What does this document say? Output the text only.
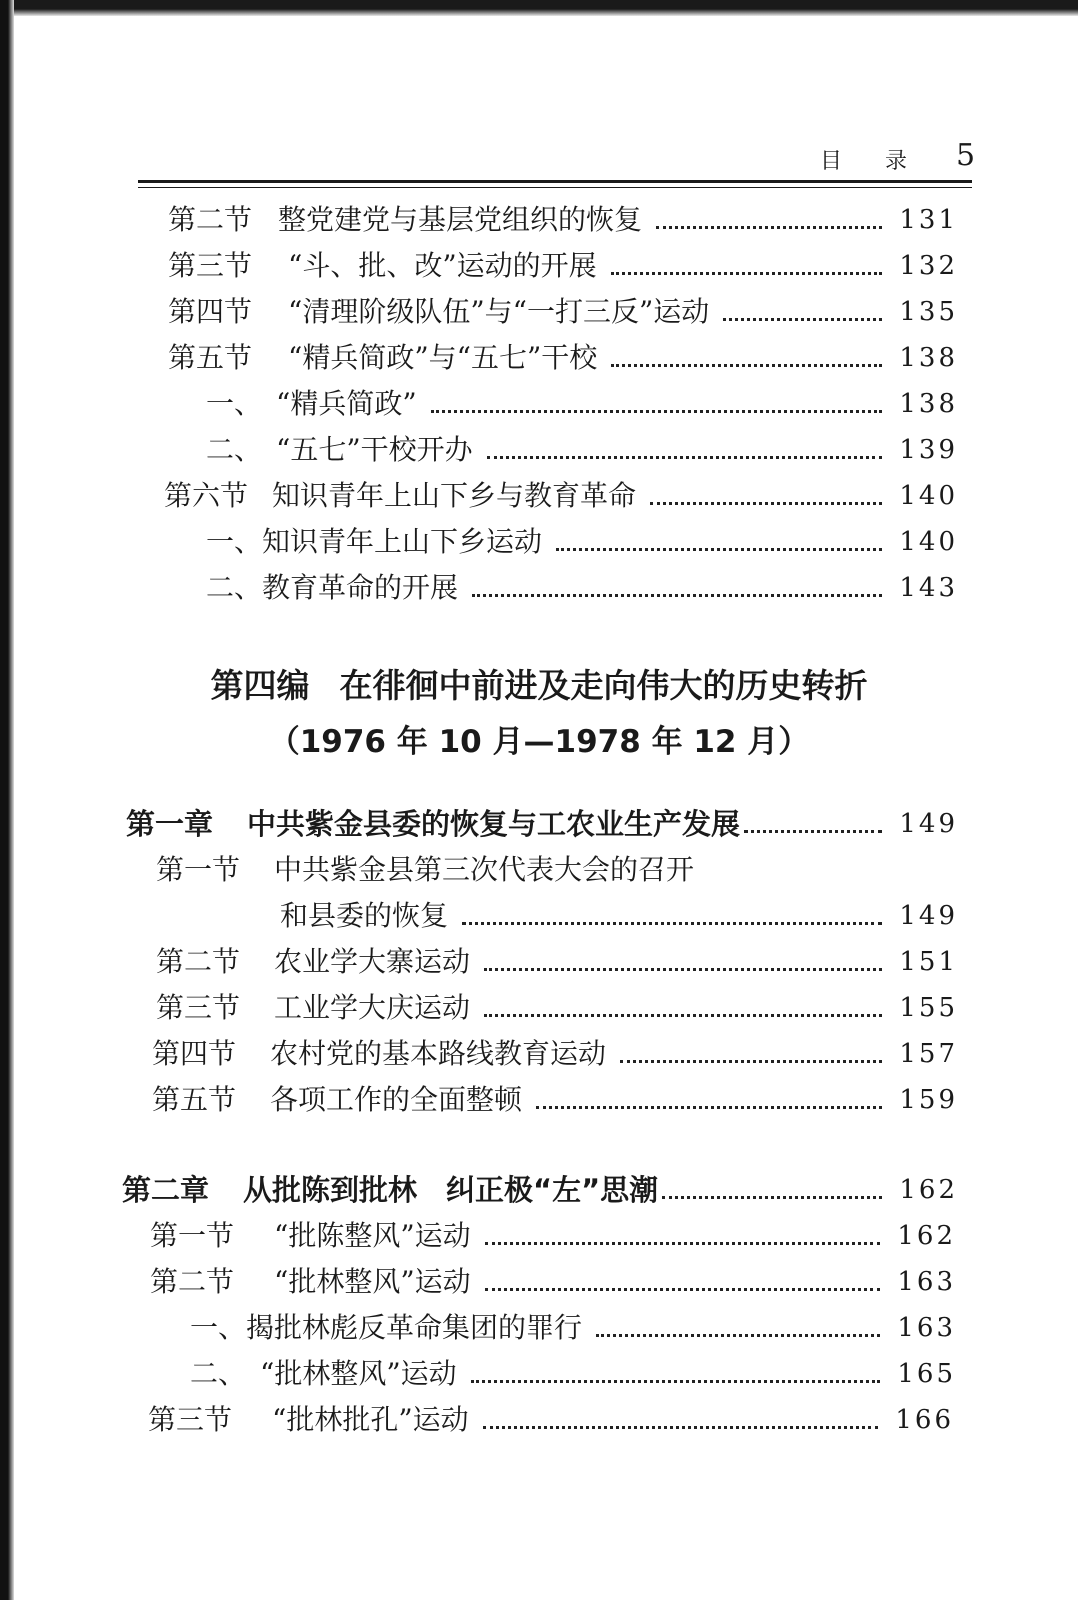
目 录 5
第二节 整党建党与基层党组织的恢复	131
第三节 “斗、批、改”运动的开展	132
第四节 “清理阶级队伍”与“一打三反”运动	135
第五节 “精兵简政”与“五七”干校	138
一、 “精兵简政”	138
二、 “五七”干校开办	139
第六节 知识青年上山下乡与教育革命	140
一、 知识青年上山下乡运动	140
二、 教育革命的开展	143
第四编 在徘徊中前进及走向伟大的历史转折
（1976 年 10 月—1978 年 12 月）
第一章 中共紫金县委的恢复与工农业生产发展	149
第一节 中共紫金县第三次代表大会的召开
和县委的恢复	149
第二节 农业学大寨运动	151
第三节 工业学大庆运动	155
第四节 农村党的基本路线教育运动	157
第五节 各项工作的全面整顿	159
第二章 从批陈到批林　纠正极“左”思潮	162
第一节 “批陈整风”运动	162
第二节 “批林整风”运动	163
一、 揭批林彪反革命集团的罪行	163
二、 “批林整风”运动	165
第三节 “批林批孔”运动	166
